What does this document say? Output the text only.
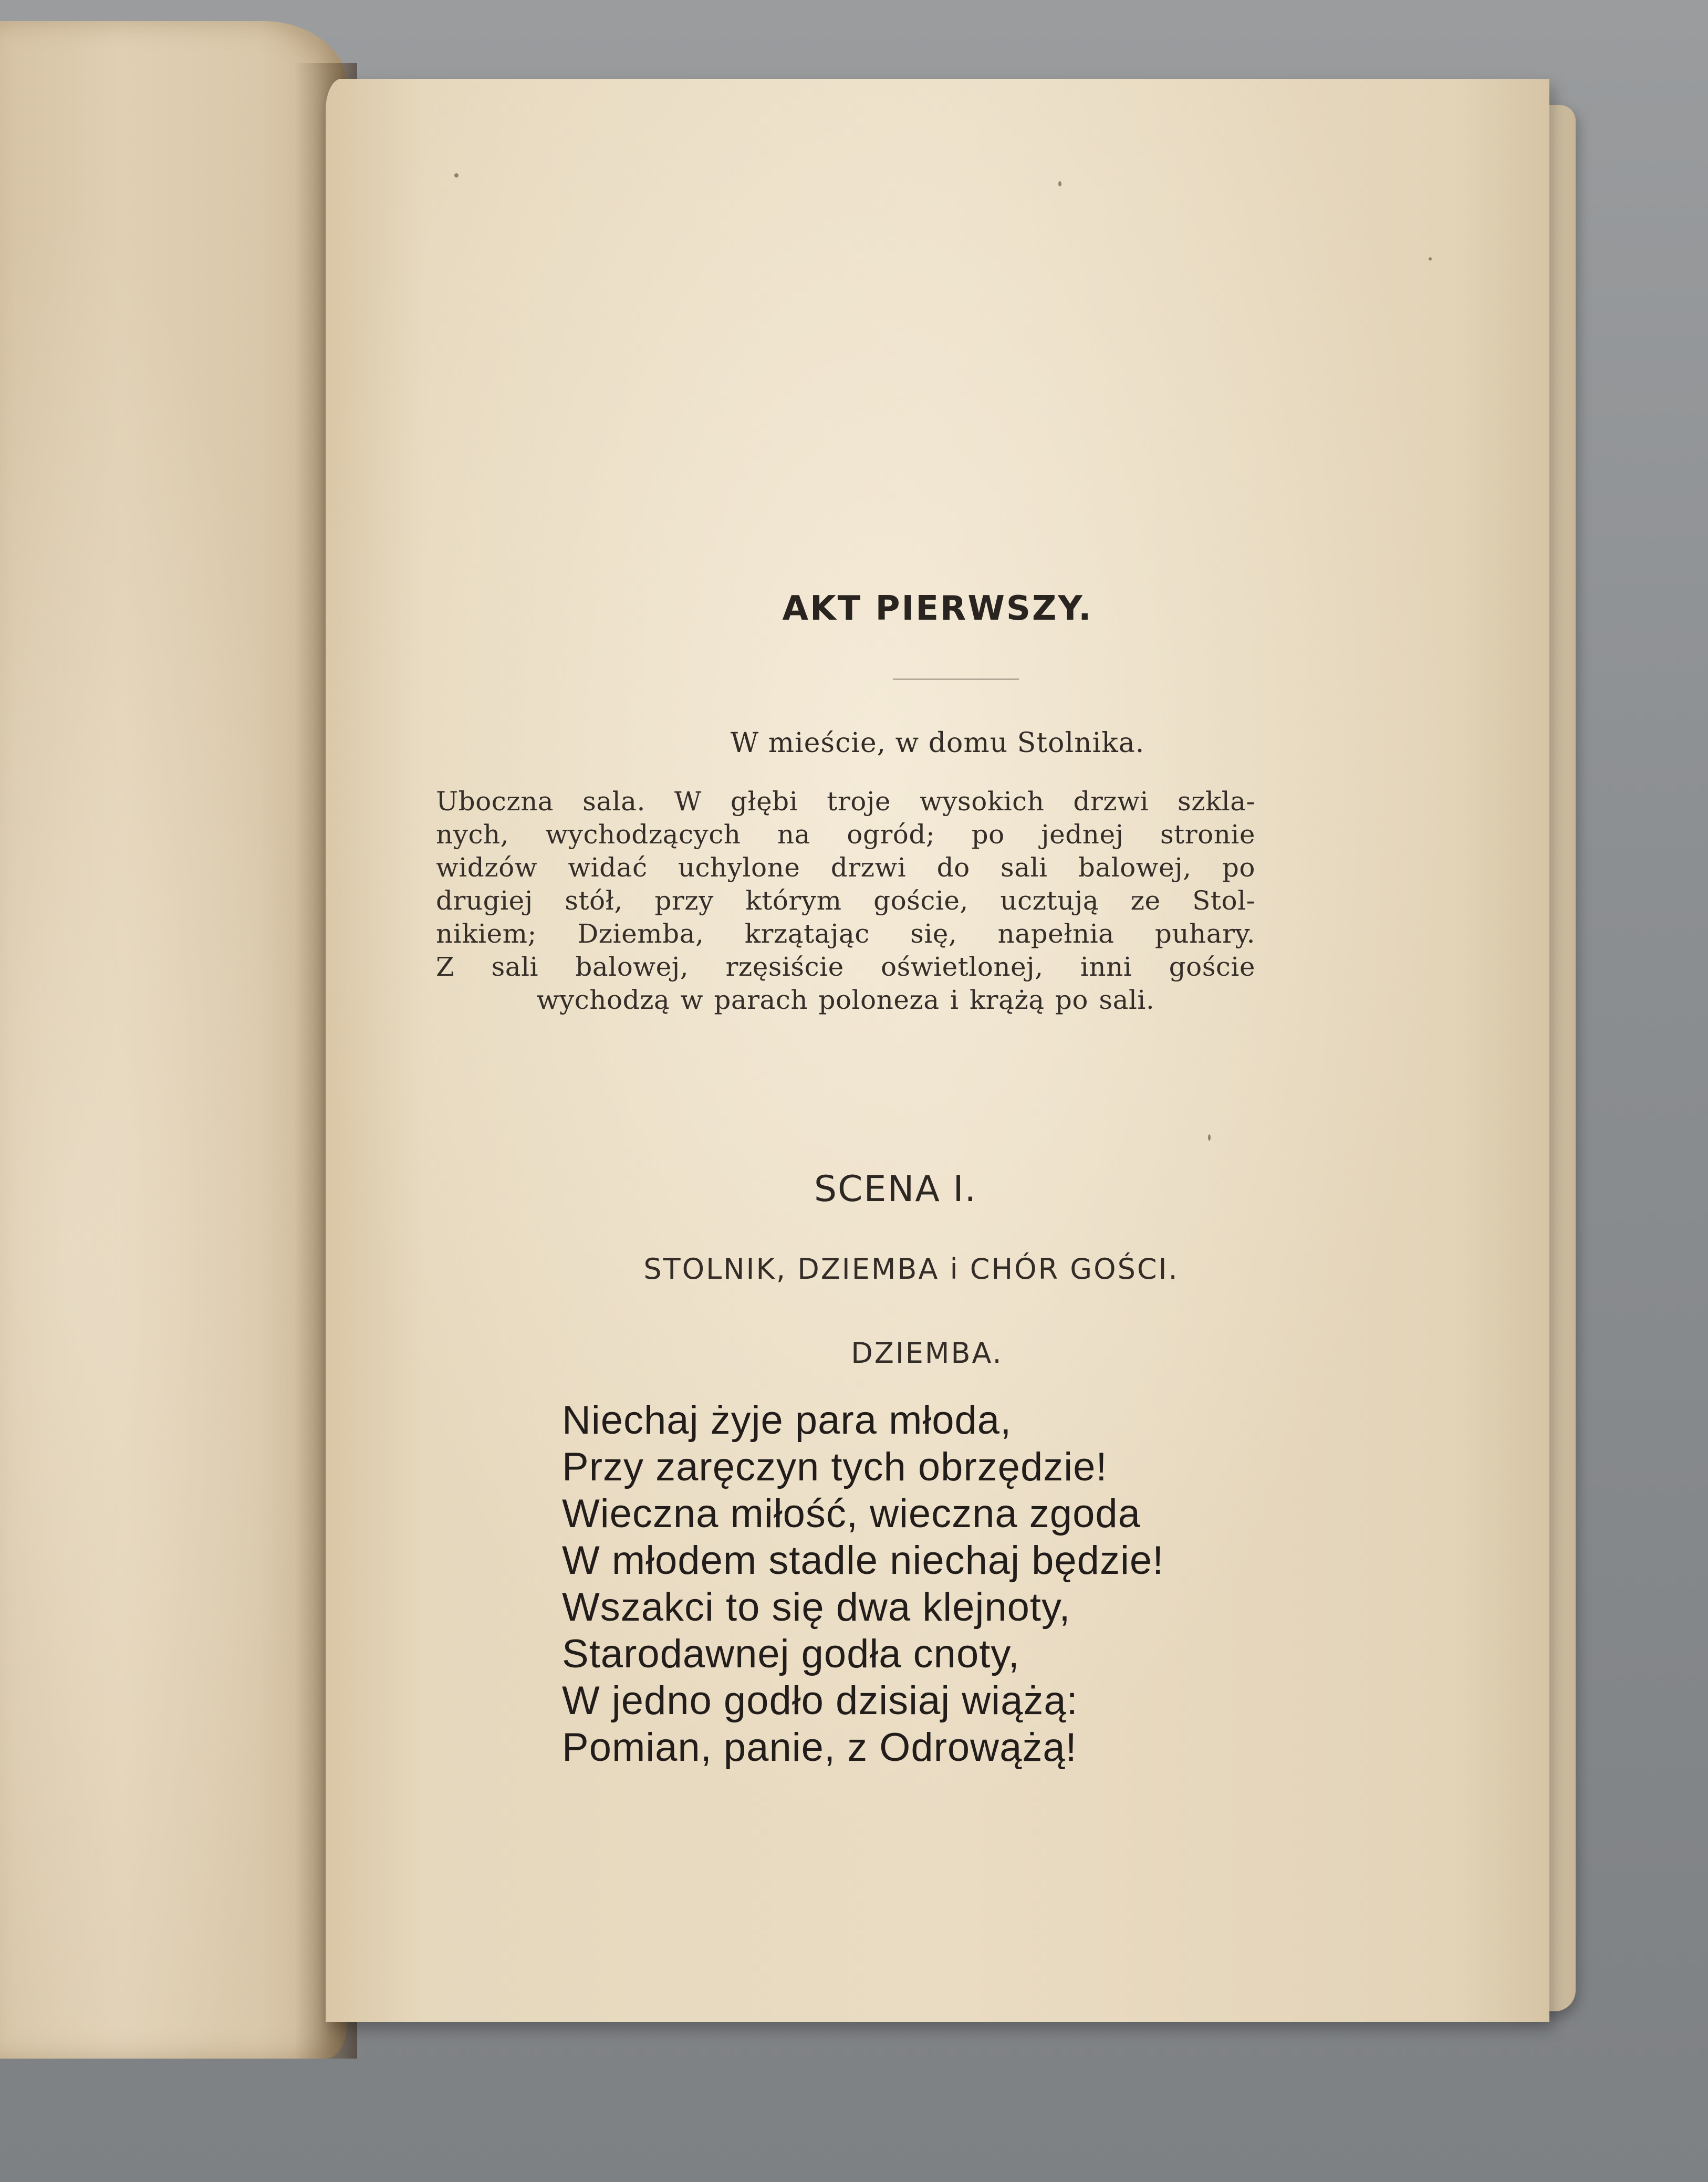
AKT PIERWSZY.
W mieście, w domu Stolnika.
Uboczna sala. W głębi troje wysokich drzwi szkla-
nych, wychodzących na ogród; po jednej stronie
widzów widać uchylone drzwi do sali balowej, po
drugiej stół, przy którym goście, ucztują ze Stol-
nikiem; Dziemba, krzątając się, napełnia puhary.
Z sali balowej, rzęsiście oświetlonej, inni goście
wychodzą w parach poloneza i krążą po sali.
SCENA I.
STOLNIK, DZIEMBA i CHÓR GOŚCI.
DZIEMBA.
Niechaj żyje para młoda,
Przy zaręczyn tych obrzędzie!
Wieczna miłość, wieczna zgoda
W młodem stadle niechaj będzie!
Wszakci to się dwa klejnoty,
Starodawnej godła cnoty,
W jedno godło dzisiaj wiążą:
Pomian, panie, z Odrowążą!
